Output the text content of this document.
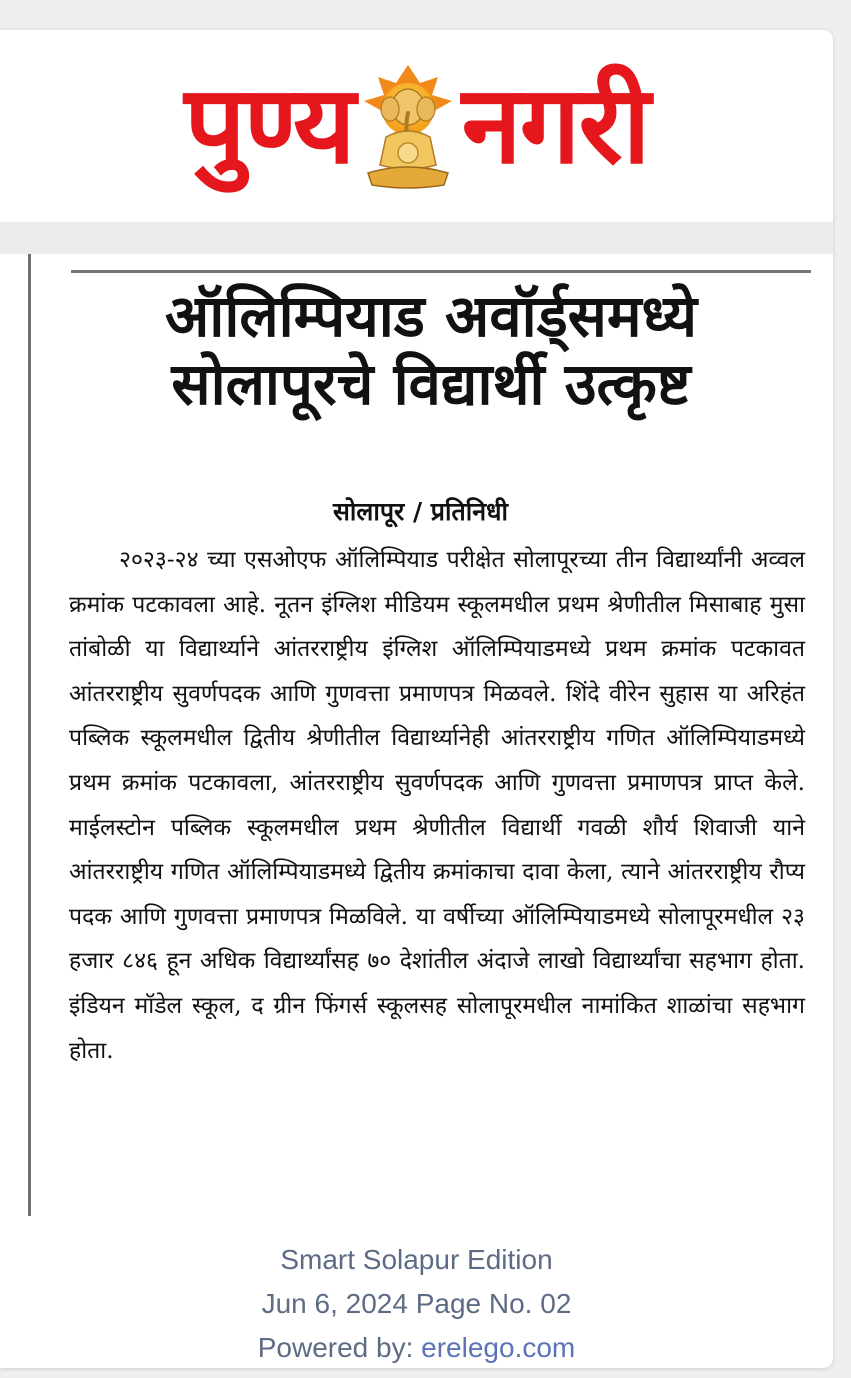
पुण्य नगरी
ऑलिम्पियाड अवॉर्ड्समध्ये
सोलापूरचे विद्यार्थी उत्कृष्ट
सोलापूर / प्रतिनिधी
२०२३-२४ च्या एसओएफ ऑलिम्पियाड परीक्षेत सोलापूरच्या तीन विद्यार्थ्यांनी अव्वल क्रमांक पटकावला आहे. नूतन इंग्लिश मीडियम स्कूलमधील प्रथम श्रेणीतील मिसाबाह मुसा तांबोळी या विद्यार्थ्याने आंतरराष्ट्रीय इंग्लिश ऑलिम्पियाडमध्ये प्रथम क्रमांक पटकावत आंतरराष्ट्रीय सुवर्णपदक आणि गुणवत्ता प्रमाणपत्र मिळवले. शिंदे वीरेन सुहास या अरिहंत पब्लिक स्कूलमधील द्वितीय श्रेणीतील विद्यार्थ्यानेही आंतरराष्ट्रीय गणित ऑलिम्पियाडमध्ये प्रथम क्रमांक पटकावला, आंतरराष्ट्रीय सुवर्णपदक आणि गुणवत्ता प्रमाणपत्र प्राप्त केले. माईलस्टोन पब्लिक स्कूलमधील प्रथम श्रेणीतील विद्यार्थी गवळी शौर्य शिवाजी याने आंतरराष्ट्रीय गणित ऑलिम्पियाडमध्ये द्वितीय क्रमांकाचा दावा केला, त्याने आंतरराष्ट्रीय रौप्य पदक आणि गुणवत्ता प्रमाणपत्र मिळविले. या वर्षीच्या ऑलिम्पियाडमध्ये सोलापूरमधील २३ हजार ८४६ हून अधिक विद्यार्थ्यांसह ७० देशांतील अंदाजे लाखो विद्यार्थ्यांचा सहभाग होता. इंडियन मॉडेल स्कूल, द ग्रीन फिंगर्स स्कूलसह सोलापूरमधील नामांकित शाळांचा सहभाग होता.
Smart Solapur Edition
Jun 6, 2024 Page No. 02
Powered by: erelego.com
